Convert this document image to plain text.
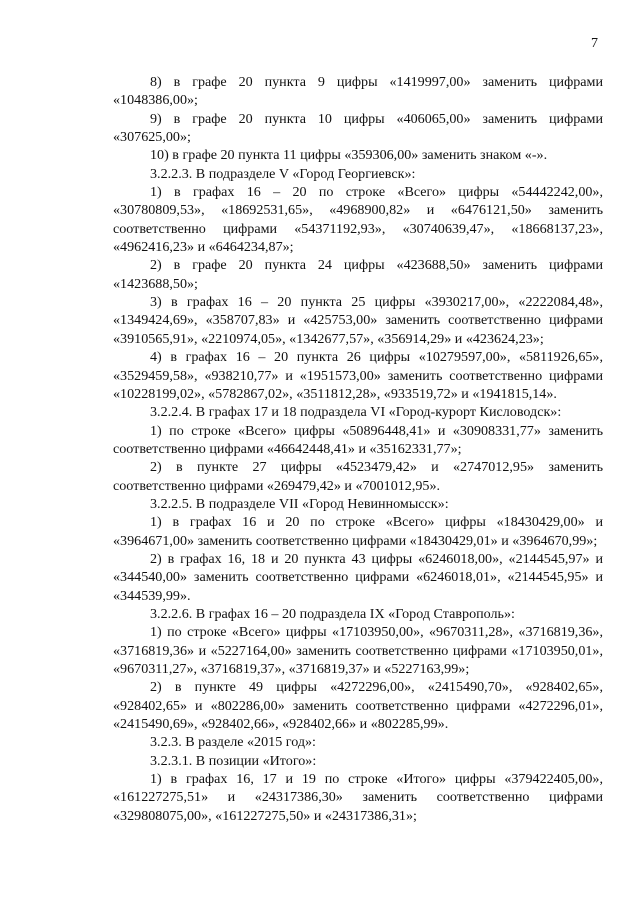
7

8) в графе 20 пункта 9 цифры «1419997,00» заменить цифрами «1048386,00»;

9) в графе 20 пункта 10 цифры «406065,00» заменить цифрами «307625,00»;

10) в графе 20 пункта 11 цифры «359306,00» заменить знаком «-».

3.2.2.3. В подразделе V «Город Георгиевск»:

1) в графах 16 – 20 по строке «Всего» цифры «54442242,00», «30780809,53», «18692531,65», «4968900,82» и «6476121,50» заменить соответственно цифрами «54371192,93», «30740639,47», «18668137,23», «4962416,23» и «6464234,87»;

2) в графе 20 пункта 24 цифры «423688,50» заменить цифрами «1423688,50»;

3) в графах 16 – 20 пункта 25 цифры «3930217,00», «2222084,48», «1349424,69», «358707,83» и «425753,00» заменить соответственно цифрами «3910565,91», «2210974,05», «1342677,57», «356914,29» и «423624,23»;

4) в графах 16 – 20 пункта 26 цифры «10279597,00», «5811926,65», «3529459,58», «938210,77» и «1951573,00» заменить соответственно цифрами «10228199,02», «5782867,02», «3511812,28», «933519,72» и «1941815,14».

3.2.2.4. В графах 17 и 18 подраздела VI «Город-курорт Кисловодск»:

1) по строке «Всего» цифры «50896448,41» и «30908331,77» заменить соответственно цифрами «46642448,41» и «35162331,77»;

2) в пункте 27 цифры «4523479,42» и «2747012,95» заменить соответственно цифрами «269479,42» и «7001012,95».

3.2.2.5. В подразделе VII «Город Невинномысск»:

1) в графах 16 и 20 по строке «Всего» цифры «18430429,00» и «3964671,00» заменить соответственно цифрами «18430429,01» и «3964670,99»;

2) в графах 16, 18 и 20 пункта 43 цифры «6246018,00», «2144545,97» и «344540,00» заменить соответственно цифрами «6246018,01», «2144545,95» и «344539,99».

3.2.2.6. В графах 16 – 20 подраздела IX «Город Ставрополь»:

1) по строке «Всего» цифры «17103950,00», «9670311,28», «3716819,36», «3716819,36» и «5227164,00» заменить соответственно цифрами «17103950,01», «9670311,27», «3716819,37», «3716819,37» и «5227163,99»;

2) в пункте 49 цифры «4272296,00», «2415490,70», «928402,65», «928402,65» и «802286,00» заменить соответственно цифрами «4272296,01», «2415490,69», «928402,66», «928402,66» и «802285,99».

3.2.3. В разделе «2015 год»:

3.2.3.1. В позиции «Итого»:

1) в графах 16, 17 и 19 по строке «Итого» цифры «379422405,00», «161227275,51» и «24317386,30» заменить соответственно цифрами «329808075,00», «161227275,50» и «24317386,31»;
